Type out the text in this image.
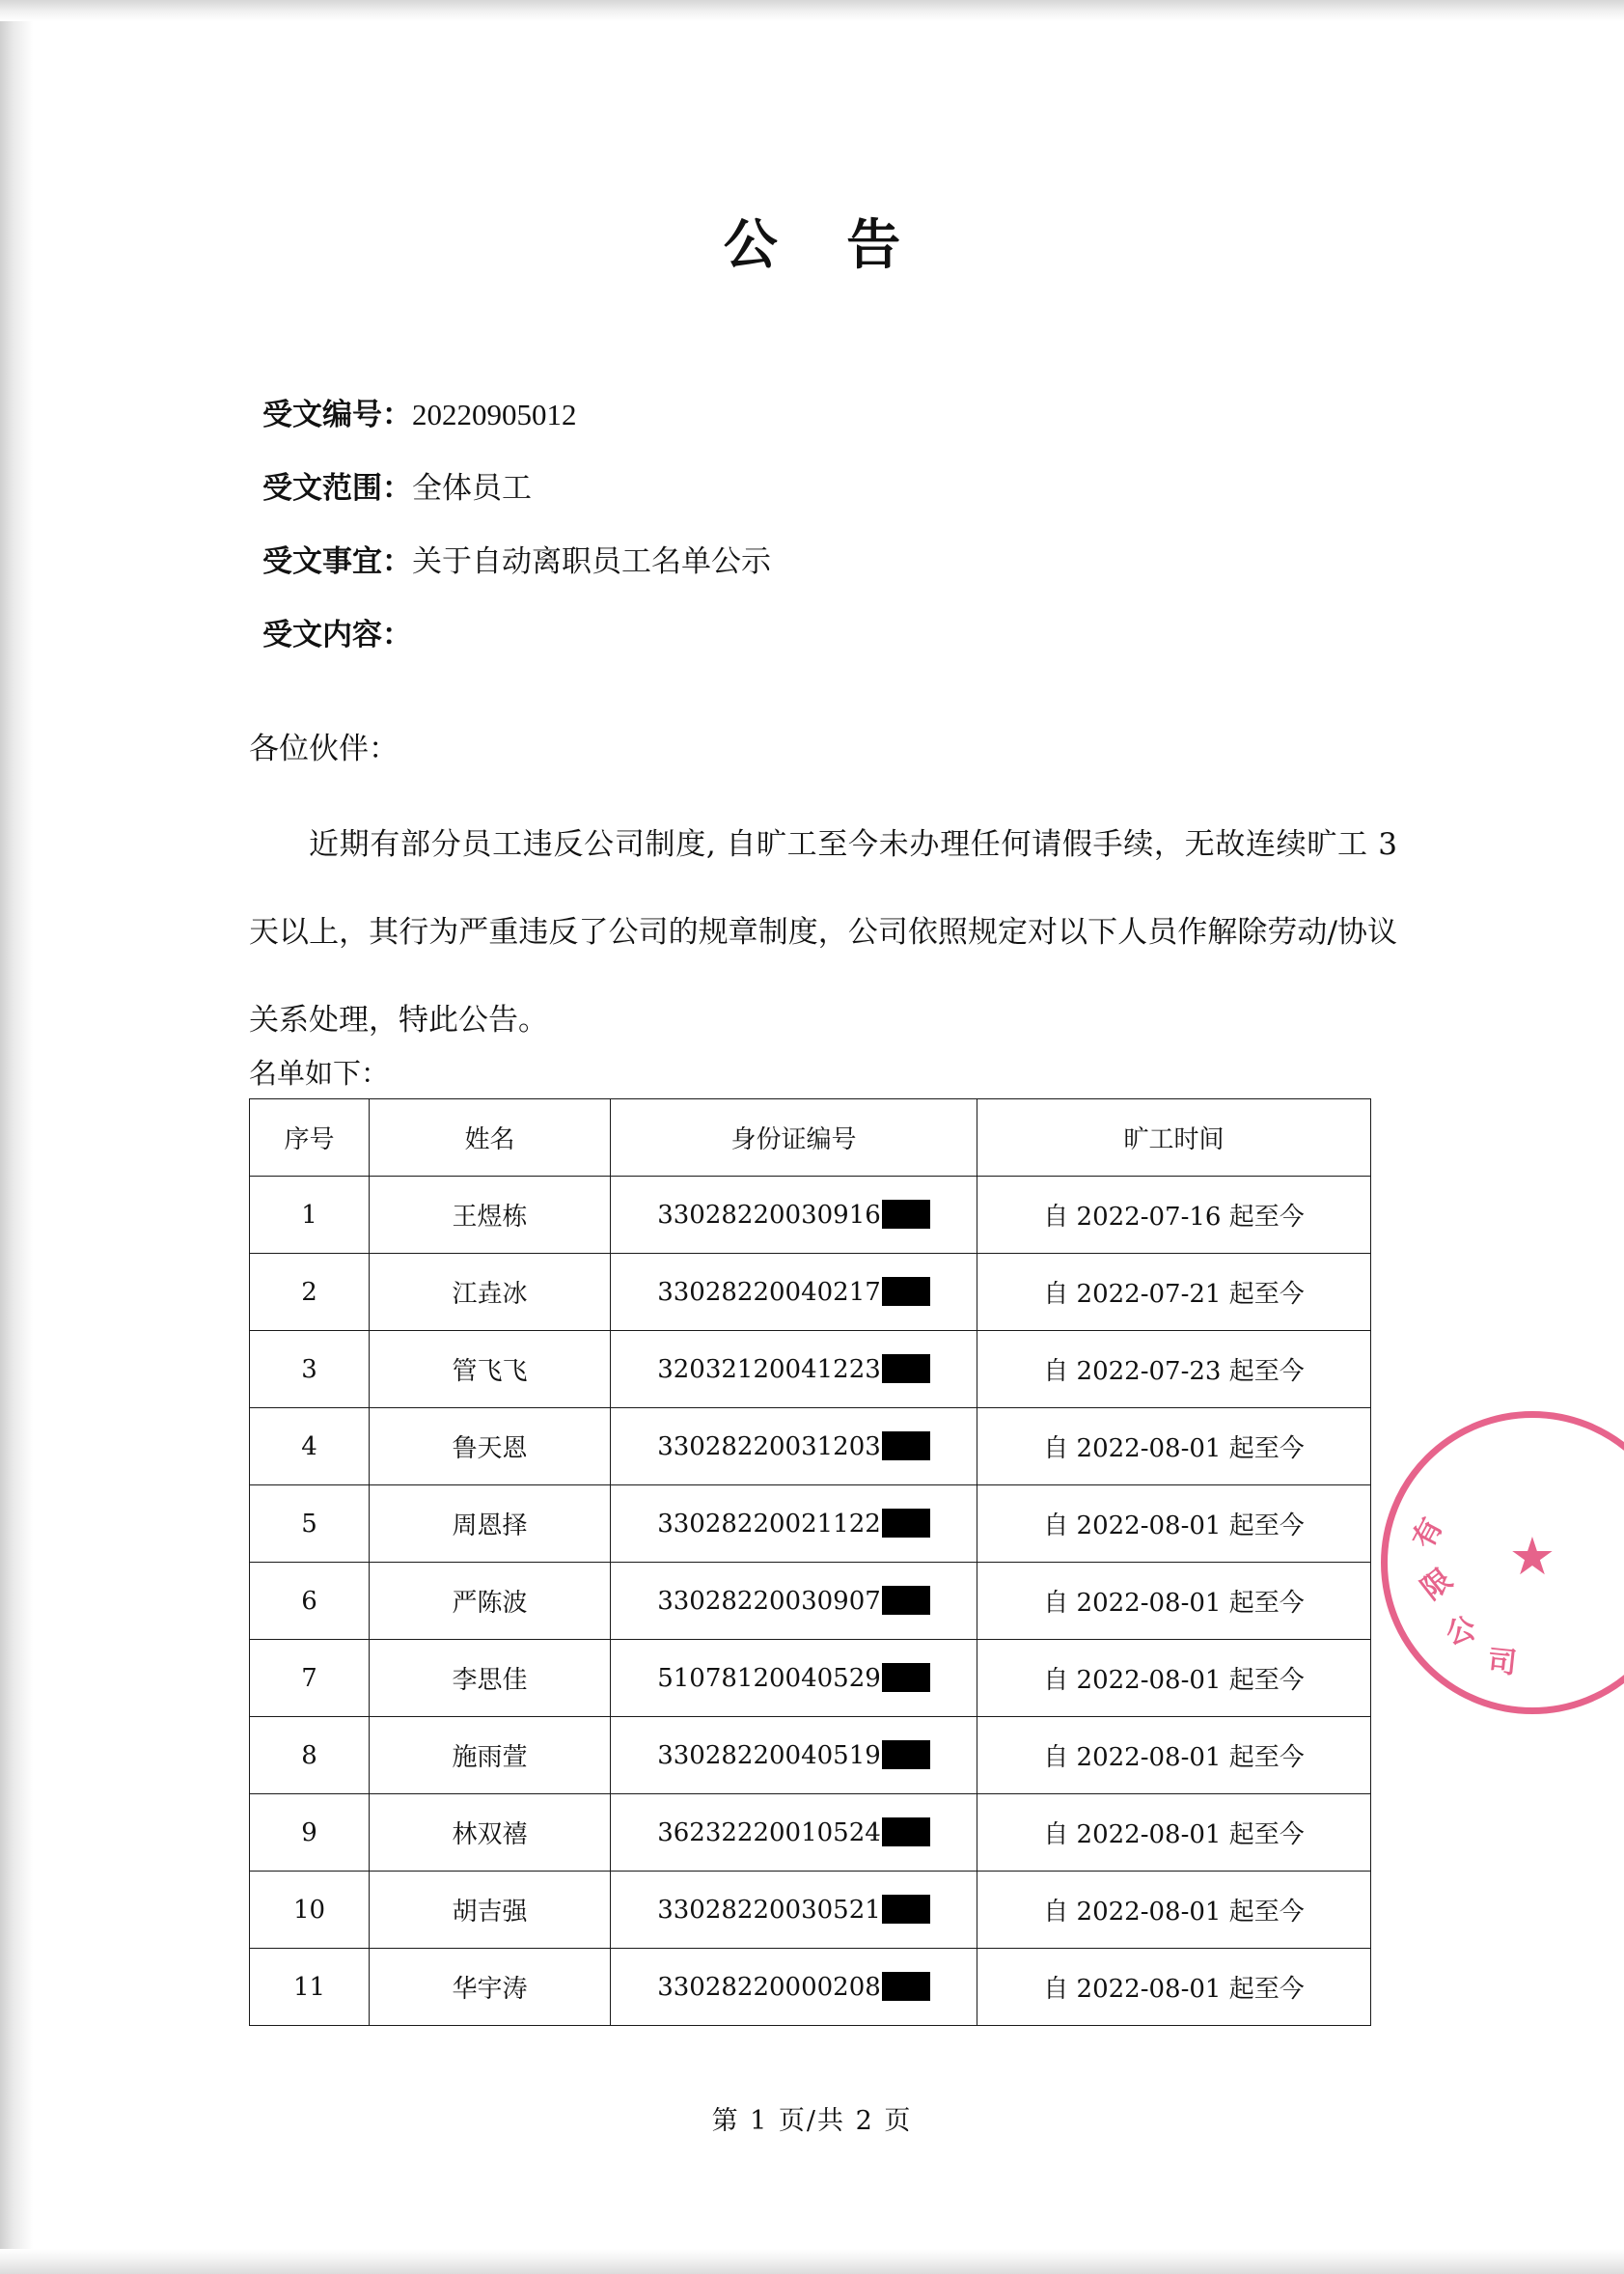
公 告
受文编号：20220905012
受文范围：全体员工
受文事宜：关于自动离职员工名单公示
受文内容：
各位伙伴：
近期有部分员工违反公司制度, 自旷工至今未办理任何请假手续，无故连续旷工 3 天以上，其行为严重违反了公司的规章制度，公司依照规定对以下人员作解除劳动/协议关系处理，特此公告。
名单如下：
序号	姓名	身份证编号	旷工时间
1	王煜栋	33028220030916	自 2022-07-16 起至今
2	江垚冰	33028220040217	自 2022-07-21 起至今
3	管飞飞	32032120041223	自 2022-07-23 起至今
4	鲁天恩	33028220031203	自 2022-08-01 起至今
5	周恩择	33028220021122	自 2022-08-01 起至今
6	严陈波	33028220030907	自 2022-08-01 起至今
7	李思佳	51078120040529	自 2022-08-01 起至今
8	施雨萱	33028220040519	自 2022-08-01 起至今
9	林双禧	36232220010524	自 2022-08-01 起至今
10	胡吉强	33028220030521	自 2022-08-01 起至今
11	华宇涛	33028220000208	自 2022-08-01 起至今
有
限
公
司
★
第 1 页/共 2 页
